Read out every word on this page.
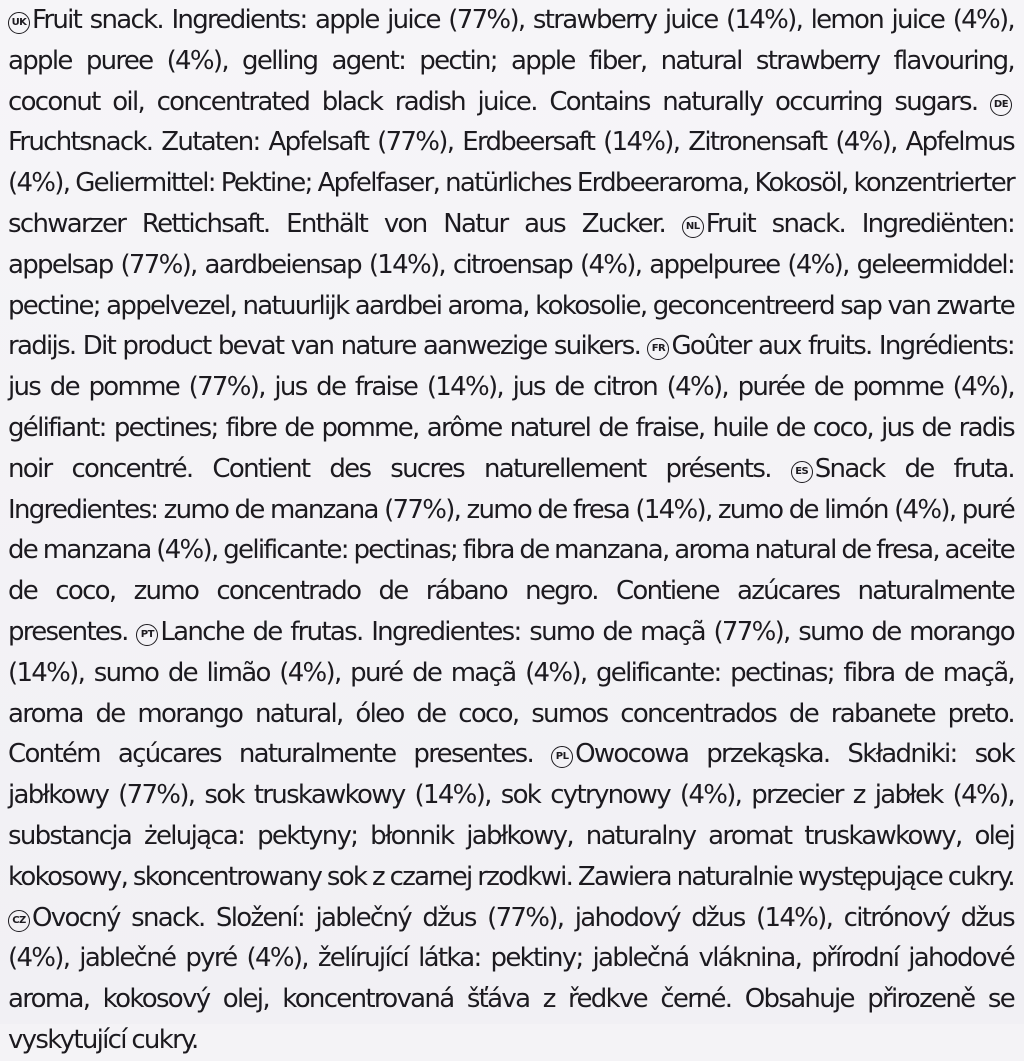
UK Fruit snack. Ingredients: apple juice (77%), strawberry juice (14%), lemon juice (4%), apple puree (4%), gelling agent: pectin; apple fiber, natural strawberry flavouring, coconut oil, concentrated black radish juice. Contains naturally occurring sugars. DEFruchtsnack. Zutaten: Apfelsaft (77%), Erdbeersaft (14%), Zitronensaft (4%), Apfelmus (4%), Geliermittel: Pektine; Apfelfaser, natürliches Erdbeeraroma, Kokosöl, konzentrierter schwarzer Rettichsaft. Enthält von Natur aus Zucker. NL Fruit snack. Ingrediënten: appelsap (77%), aardbeiensap (14%), citroensap (4%), appelpuree (4%), geleermiddel: pectine; appelvezel, natuurlijk aardbei aroma, kokosolie, geconcentreerd sap van zwarte radijs. Dit product bevat van nature aanwezige suikers. FR Goûter aux fruits. Ingrédients: jus de pomme (77%), jus de fraise (14%), jus de citron (4%), purée de pomme (4%), gélifiant: pectines; fibre de pomme, arôme naturel de fraise, huile de coco, jus de radis noir concentré. Contient des sucres naturellement présents. ES Snack de fruta. Ingredientes: zumo de manzana (77%), zumo de fresa (14%), zumo de limón (4%), puré de manzana (4%), gelificante: pectinas; fibra de manzana, aroma natural de fresa, aceite de coco, zumo concentrado de rábano negro. Contiene azúcares naturalmente presentes. PT Lanche de frutas. Ingredientes: sumo de maçã (77%), sumo de morango (14%), sumo de limão (4%), puré de maçã (4%), gelificante: pectinas; fibra de maçã, aroma de morango natural, óleo de coco, sumos concentrados de rabanete preto. Contém açúcares naturalmente presentes. PL Owocowa przekąska. Składniki: sok jabłkowy (77%), sok truskawkowy (14%), sok cytrynowy (4%), przecier z jabłek (4%), substancja żelująca: pektyny; błonnik jabłkowy, naturalny aromat truskawkowy, olej kokosowy, skoncentrowany sok z czarnej rzodkwi. Zawiera naturalnie występujące cukry. CZ Ovocný snack. Složení: jablečný džus (77%), jahodový džus (14%), citrónový džus (4%), jablečné pyré (4%), želírující látka: pektiny; jablečná vláknina, přírodní jahodové aroma, kokosový olej, koncentrovaná šťáva z ředkve černé. Obsahuje přirozeně se vyskytující cukry.
